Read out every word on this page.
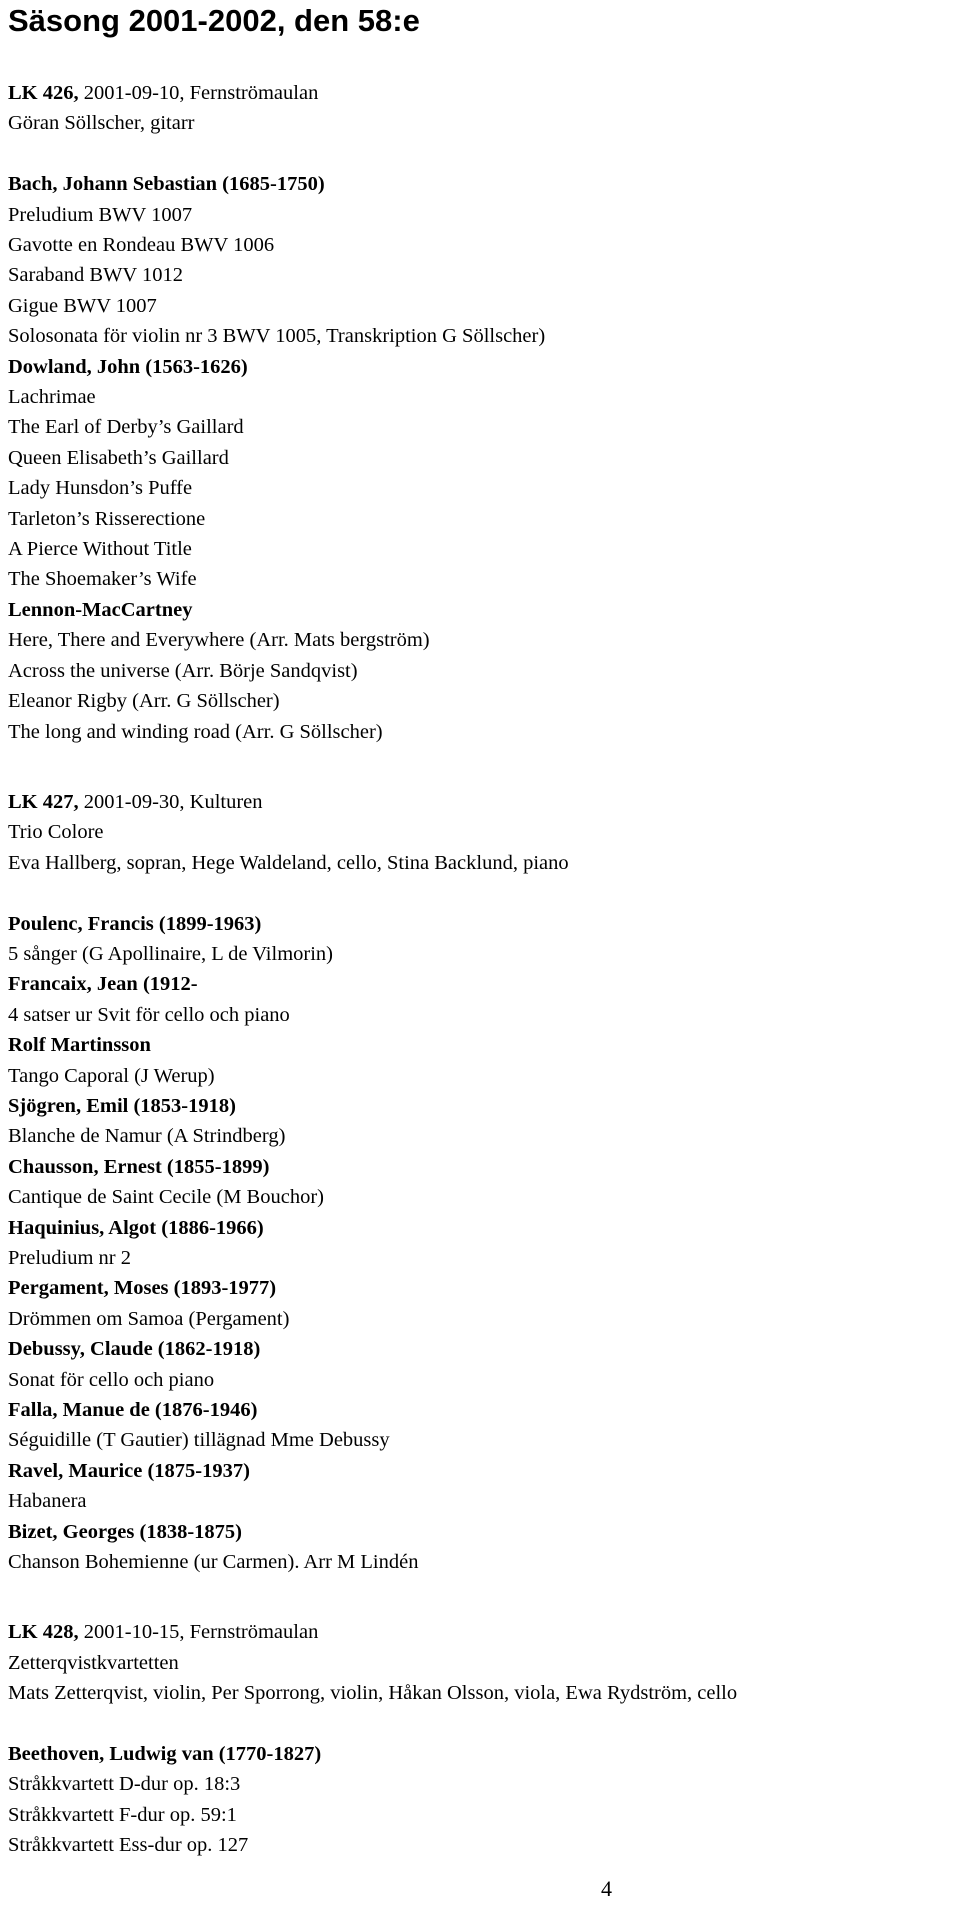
Säsong 2001-2002, den 58:e
LK 426, 2001-09-10, Fernströmaulan
Göran Söllscher, gitarr
Bach, Johann Sebastian (1685-1750)
Preludium BWV 1007
Gavotte en Rondeau BWV 1006
Saraband BWV 1012
Gigue BWV 1007
Solosonata för violin nr 3 BWV 1005, Transkription G Söllscher)
Dowland, John (1563-1626)
Lachrimae
The Earl of Derby’s Gaillard
Queen Elisabeth’s Gaillard
Lady Hunsdon’s Puffe
Tarleton’s Risserectione
A Pierce Without Title
The Shoemaker’s Wife
Lennon-MacCartney
Here, There and Everywhere (Arr. Mats bergström)
Across the universe (Arr. Börje Sandqvist)
Eleanor Rigby (Arr. G Söllscher)
The long and winding road (Arr. G Söllscher)
LK 427, 2001-09-30, Kulturen
Trio Colore
Eva Hallberg, sopran, Hege Waldeland, cello, Stina Backlund, piano
Poulenc, Francis (1899-1963)
5 sånger (G Apollinaire, L de Vilmorin)
Francaix, Jean (1912-
4 satser ur Svit för cello och piano
Rolf Martinsson
Tango Caporal (J Werup)
Sjögren, Emil (1853-1918)
Blanche de Namur (A Strindberg)
Chausson, Ernest (1855-1899)
Cantique de Saint Cecile (M Bouchor)
Haquinius, Algot (1886-1966)
Preludium nr 2
Pergament, Moses (1893-1977)
Drömmen om Samoa (Pergament)
Debussy, Claude (1862-1918)
Sonat för cello och piano
Falla, Manue de (1876-1946)
Séguidille (T Gautier) tillägnad Mme Debussy
Ravel, Maurice (1875-1937)
Habanera
Bizet, Georges (1838-1875)
Chanson Bohemienne (ur Carmen). Arr M Lindén
LK 428, 2001-10-15, Fernströmaulan
Zetterqvistkvartetten
Mats Zetterqvist, violin, Per Sporrong, violin, Håkan Olsson, viola, Ewa Rydström, cello
Beethoven, Ludwig van (1770-1827)
Stråkkvartett D-dur op. 18:3
Stråkkvartett F-dur op. 59:1
Stråkkvartett Ess-dur op. 127
4
